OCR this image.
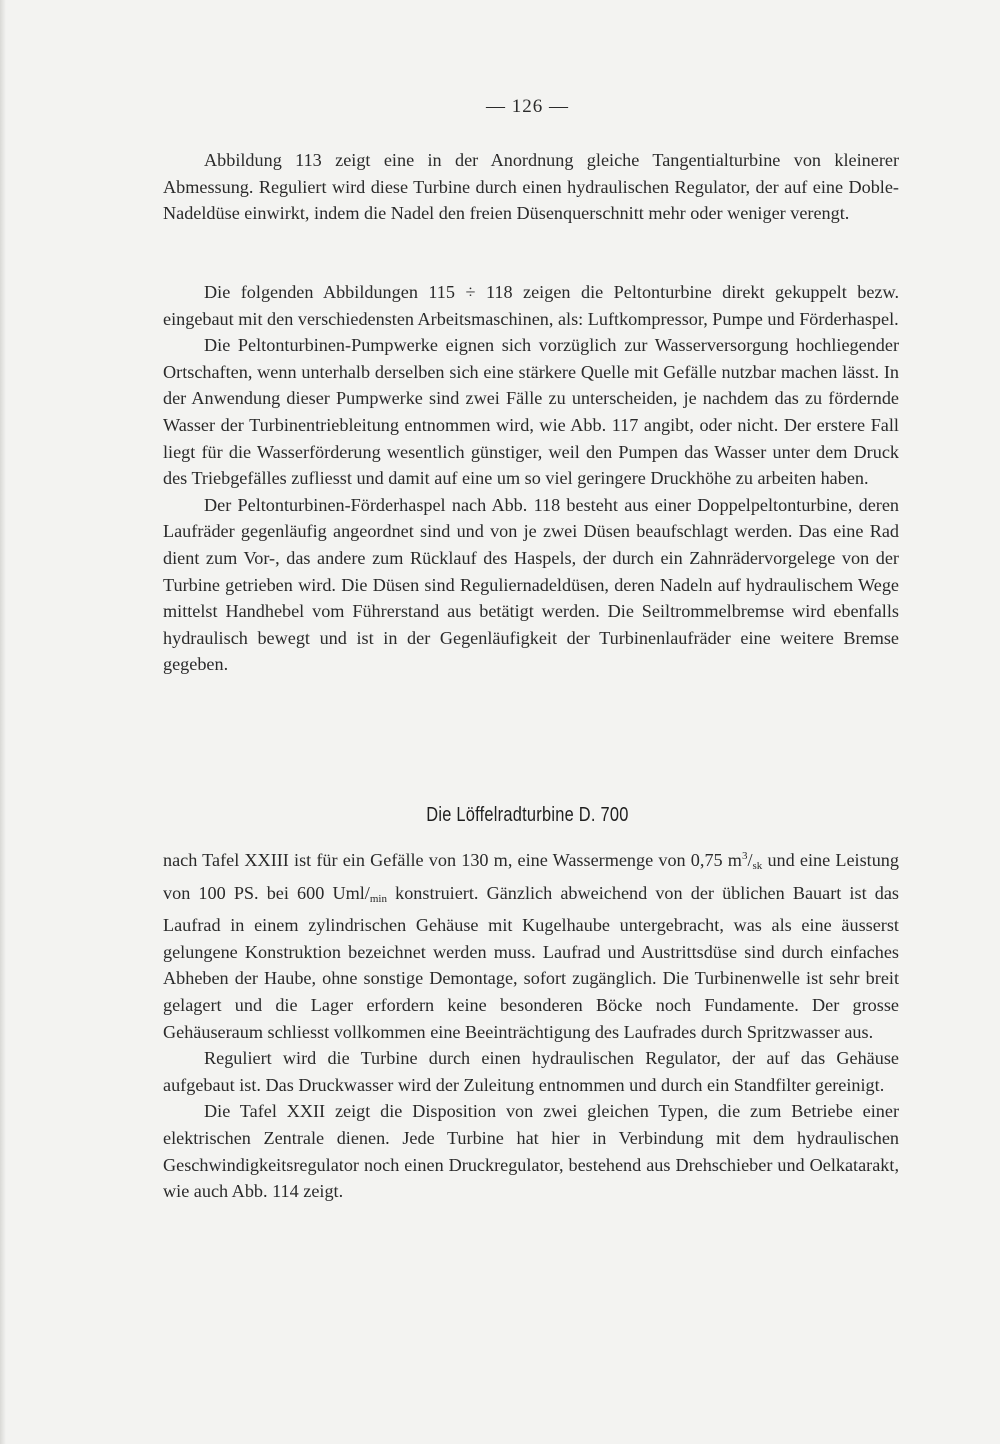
— 126 —

Abbildung 113 zeigt eine in der Anordnung gleiche Tangentialturbine von kleinerer Abmessung. Reguliert wird diese Turbine durch einen hydraulischen Regulator, der auf eine Doble-Nadeldüse einwirkt, indem die Nadel den freien Düsenquerschnitt mehr oder weniger verengt.

Die folgenden Abbildungen 115 ÷ 118 zeigen die Peltonturbine direkt gekuppelt bezw. eingebaut mit den verschiedensten Arbeitsmaschinen, als: Luftkompressor, Pumpe und Förderhaspel.

Die Peltonturbinen-Pumpwerke eignen sich vorzüglich zur Wasserversorgung hochliegender Ortschaften, wenn unterhalb derselben sich eine stärkere Quelle mit Gefälle nutzbar machen lässt. In der Anwendung dieser Pumpwerke sind zwei Fälle zu unterscheiden, je nachdem das zu fördernde Wasser der Turbinentriebleitung entnommen wird, wie Abb. 117 angibt, oder nicht. Der erstere Fall liegt für die Wasserförderung wesentlich günstiger, weil den Pumpen das Wasser unter dem Druck des Triebgefälles zufliesst und damit auf eine um so viel geringere Druckhöhe zu arbeiten haben.

Der Peltonturbinen-Förderhaspel nach Abb. 118 besteht aus einer Doppelpeltonturbine, deren Laufräder gegenläufig angeordnet sind und von je zwei Düsen beaufschlagt werden. Das eine Rad dient zum Vor-, das andere zum Rücklauf des Haspels, der durch ein Zahnrädervorgelege von der Turbine getrieben wird. Die Düsen sind Reguliernadeldüsen, deren Nadeln auf hydraulischem Wege mittelst Handhebel vom Führerstand aus betätigt werden. Die Seiltrommelbremse wird ebenfalls hydraulisch bewegt und ist in der Gegenläufigkeit der Turbinenlaufräder eine weitere Bremse gegeben.

Die Löffelradturbine D. 700

nach Tafel XXIII ist für ein Gefälle von 130 m, eine Wassermenge von 0,75 $m^3/_{sk}$ und eine Leistung von 100 PS. bei 600 Uml/$_{min}$ konstruiert. Gänzlich abweichend von der üblichen Bauart ist das Laufrad in einem zylindrischen Gehäuse mit Kugelhaube untergebracht, was als eine äusserst gelungene Konstruktion bezeichnet werden muss. Laufrad und Austrittsdüse sind durch einfaches Abheben der Haube, ohne sonstige Demontage, sofort zugänglich. Die Turbinenwelle ist sehr breit gelagert und die Lager erfordern keine besonderen Böcke noch Fundamente. Der grosse Gehäuseraum schliesst vollkommen eine Beeinträchtigung des Laufrades durch Spritzwasser aus.

Reguliert wird die Turbine durch einen hydraulischen Regulator, der auf das Gehäuse aufgebaut ist. Das Druckwasser wird der Zuleitung entnommen und durch ein Standfilter gereinigt.

Die Tafel XXII zeigt die Disposition von zwei gleichen Typen, die zum Betriebe einer elektrischen Zentrale dienen. Jede Turbine hat hier in Verbindung mit dem hydraulischen Geschwindigkeitsregulator noch einen Druckregulator, bestehend aus Drehschieber und Oelkatarakt, wie auch Abb. 114 zeigt.
